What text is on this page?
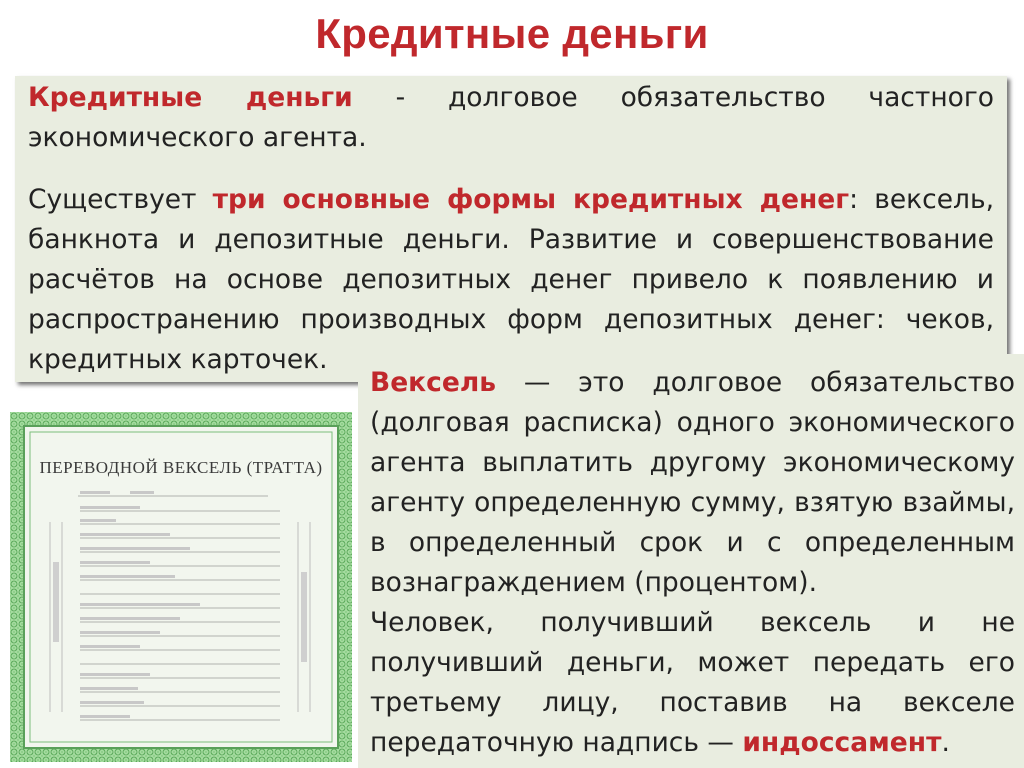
Кредитные деньги

Кредитные деньги - долговое обязательство частного экономического агента.

Существует три основные формы кредитных денег: вексель, банкнота и депозитные деньги. Развитие и совершенствование расчётов на основе депозитных денег привело к появлению и распространению производных форм депозитных денег: чеков, кредитных карточек.

Вексель — это долговое обязательство (долговая расписка) одного экономического агента выплатить другому экономическому агенту определенную сумму, взятую взаймы, в определенный срок и с определенным вознаграждением (процентом).

Человек, получивший вексель и не получивший деньги, может передать его третьему лицу, поставив на векселе передаточную надпись — индоссамент.

ПЕРЕВОДНОЙ ВЕКСЕЛЬ (ТРАТТА)
